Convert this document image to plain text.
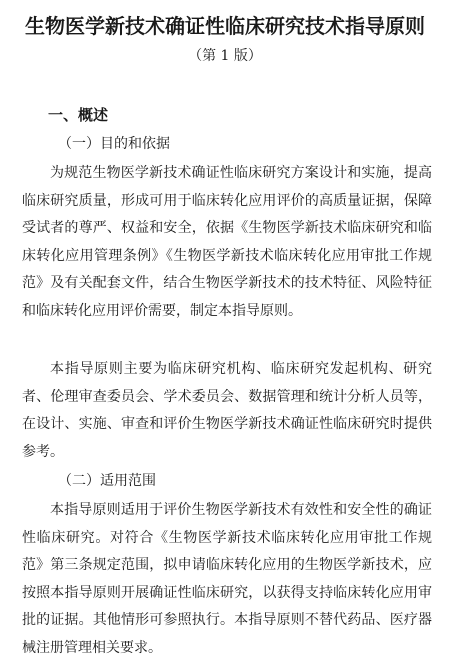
生物医学新技术确证性临床研究技术指导原则
（第 1 版）
一、概述
（一）目的和依据

为规范生物医学新技术确证性临床研究方案设计和实施，提高临床研究质量，形成可用于临床转化应用评价的高质量证据，保障受试者的尊严、权益和安全，依据《生物医学新技术临床研究和临床转化应用管理条例》《生物医学新技术临床转化应用审批工作规范》及有关配套文件，结合生物医学新技术的技术特征、风险特征和临床转化应用评价需要，制定本指导原则。

本指导原则主要为临床研究机构、临床研究发起机构、研究者、伦理审查委员会、学术委员会、数据管理和统计分析人员等，在设计、实施、审查和评价生物医学新技术确证性临床研究时提供参考。

（二）适用范围

本指导原则适用于评价生物医学新技术有效性和安全性的确证性临床研究。对符合《生物医学新技术临床转化应用审批工作规范》第三条规定范围，拟申请临床转化应用的生物医学新技术，应按照本指导原则开展确证性临床研究，以获得支持临床转化应用审批的证据。其他情形可参照执行。本指导原则不替代药品、医疗器械注册管理相关要求。
